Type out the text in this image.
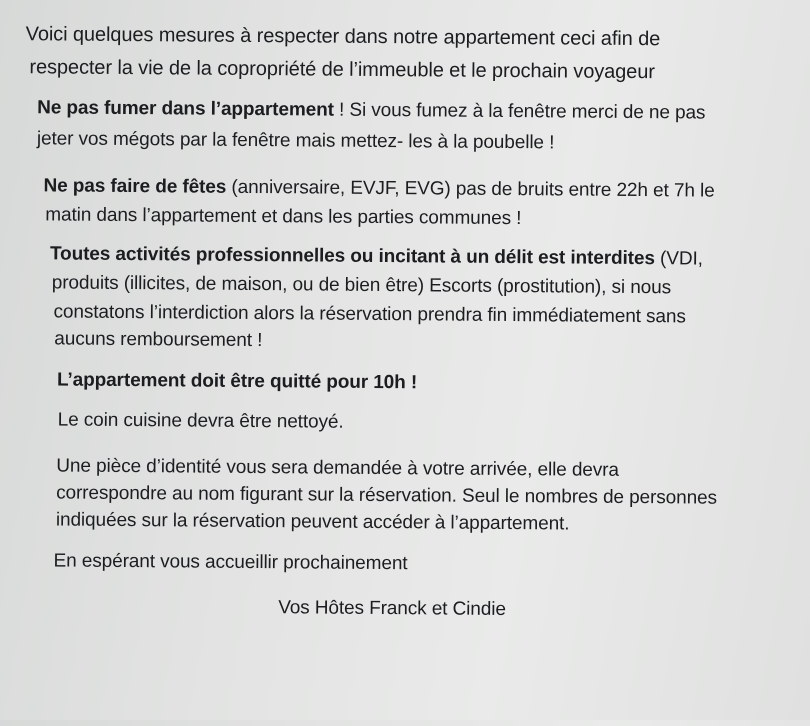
Voici quelques mesures à respecter dans notre appartement ceci afin de
respecter la vie de la copropriété de l’immeuble et le prochain voyageur
Ne pas fumer dans l’appartement ! Si vous fumez à la fenêtre merci de ne pas
jeter vos mégots par la fenêtre mais mettez- les à la poubelle !
Ne pas faire de fêtes (anniversaire, EVJF, EVG) pas de bruits entre 22h et 7h le
matin dans l’appartement et dans les parties communes !
Toutes activités professionnelles ou incitant à un délit est interdites (VDI,
produits (illicites, de maison, ou de bien être) Escorts (prostitution), si nous
constatons l’interdiction alors la réservation prendra fin immédiatement sans
aucuns remboursement !
L’appartement doit être quitté pour 10h !
Le coin cuisine devra être nettoyé.
Une pièce d’identité vous sera demandée à votre arrivée, elle devra
correspondre au nom figurant sur la réservation. Seul le nombres de personnes
indiquées sur la réservation peuvent accéder à l’appartement.
En espérant vous accueillir prochainement
Vos Hôtes Franck et Cindie
